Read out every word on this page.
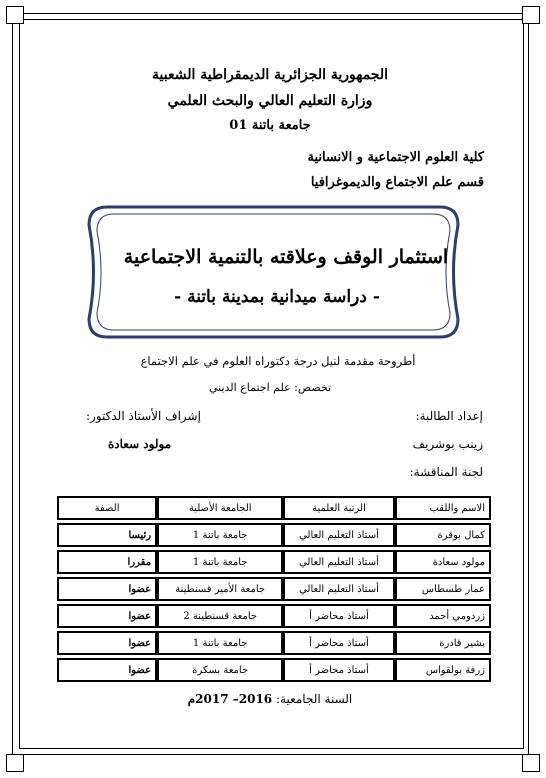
الجمهورية الجزائرية الديمقراطية الشعبية
وزارة التعليم العالي والبحث العلمي
جامعة باتنة 01
كلية العلوم الاجتماعية و الانسانية
قسم علم الاجتماع والديموغرافيا
استثمار الوقف وعلاقته بالتنمية الاجتماعية
- دراسة ميدانية بمدينة باتنة -
أطروحة مقدمة لنيل درجة دكتوراه العلوم في علم الاجتماع
تخصص: علم اجتماع الديني
إعداد الطالبة:
زينب بوشريف
لجنة المناقشة:
إشراف الأستاذ الدكتور:
مولود سعادة
الاسم واللقب	الرتبة العلمية	الجامعة الأصلية	الصفة
كمال بوقرة	أستاذ التعليم العالي	جامعة باتنة 1	رئيسا
مولود سعادة	أستاذ التعليم العالي	جامعة باتنة 1	مقررا
عمار طسطاس	أستاذ التعليم العالي	جامعة الأمير قسنطينة	عضوا
زردومي أحمد	أستاذ محاضر أ	جامعة قسنطينة 2	عضوا
بشير قادرة	أستاذ محاضر أ	جامعة باتنة 1	عضوا
زرفة بولقواس	أستاذ محاضر أ	جامعة بسكرة	عضوا
السنة الجامعية: 2016– 2017م
